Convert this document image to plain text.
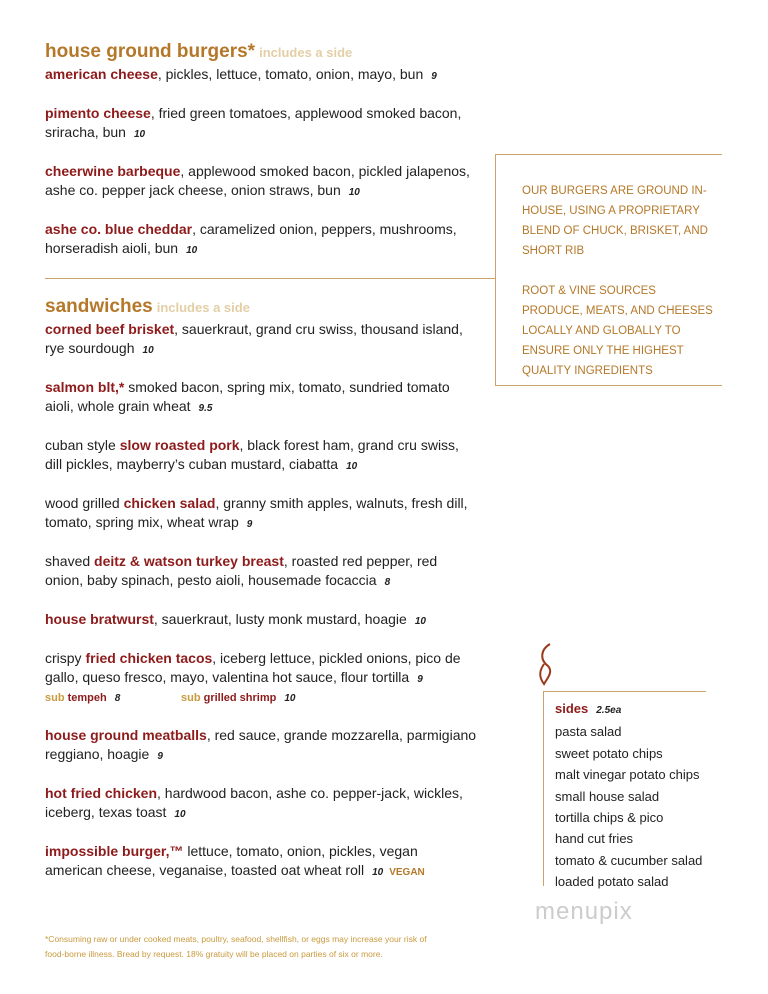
house ground burgers* includes a side
american cheese, pickles, lettuce, tomato, onion, mayo, bun 9
pimento cheese, fried green tomatoes, applewood smoked bacon, sriracha, bun 10
cheerwine barbeque, applewood smoked bacon, pickled jalapenos, ashe co. pepper jack cheese, onion straws, bun 10
ashe co. blue cheddar, caramelized onion, peppers, mushrooms, horseradish aioli, bun 10
sandwiches includes a side
corned beef brisket, sauerkraut, grand cru swiss, thousand island, rye sourdough 10
salmon blt,* smoked bacon, spring mix, tomato, sundried tomato aioli, whole grain wheat 9.5
cuban style slow roasted pork, black forest ham, grand cru swiss, dill pickles, mayberry’s cuban mustard, ciabatta 10
wood grilled chicken salad, granny smith apples, walnuts, fresh dill, tomato, spring mix, wheat wrap 9
shaved deitz & watson turkey breast, roasted red pepper, red onion, baby spinach, pesto aioli, housemade focaccia 8
house bratwurst, sauerkraut, lusty monk mustard, hoagie 10
crispy fried chicken tacos, iceberg lettuce, pickled onions, pico de gallo, queso fresco, mayo, valentina hot sauce, flour tortilla 9
sub tempeh 8	sub grilled shrimp 10
house ground meatballs, red sauce, grande mozzarella, parmigiano reggiano, hoagie 9
hot fried chicken, hardwood bacon, ashe co. pepper-jack, wickles, iceberg, texas toast 10
impossible burger,™ lettuce, tomato, onion, pickles, vegan american cheese, veganaise, toasted oat wheat roll 10 VEGAN
*Consuming raw or under cooked meats, poultry, seafood, shellfish, or eggs may increase your risk of food-borne illness. Bread by request. 18% gratuity will be placed on parties of six or more.
OUR BURGERS ARE GROUND IN-HOUSE, USING A PROPRIETARY BLEND OF CHUCK, BRISKET, AND SHORT RIB
ROOT & VINE SOURCES PRODUCE, MEATS, AND CHEESES LOCALLY AND GLOBALLY TO ENSURE ONLY THE HIGHEST QUALITY INGREDIENTS
sides 2.5ea
pasta salad
sweet potato chips
malt vinegar potato chips
small house salad
tortilla chips & pico
hand cut fries
tomato & cucumber salad
loaded potato salad
menupix
